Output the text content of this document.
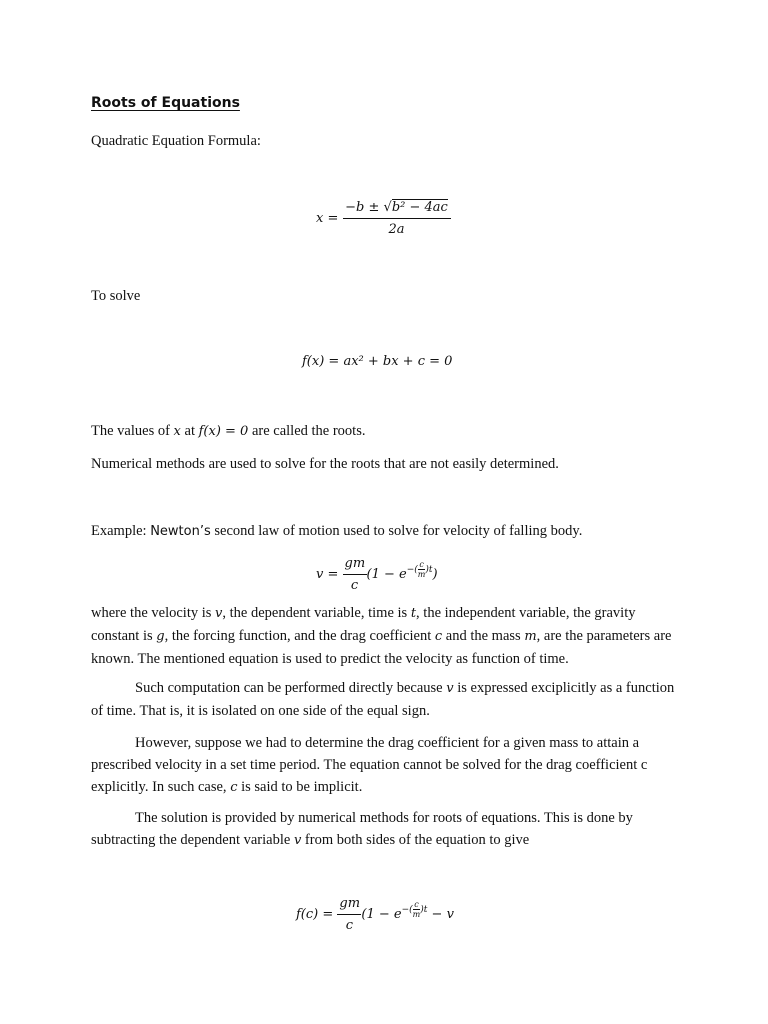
Roots of Equations
Quadratic Equation Formula:
$x = \frac{\text{−b ± √b² − 4ac}}{2a}$
To solve
f(x) = ax² + bx + c = 0
The values of x at f(x) = 0 are called the roots.
Numerical methods are used to solve for the roots that are not easily determined.
Example: Newton’s second law of motion used to solve for velocity of falling body.
$v = \frac{gm}{c} (1 - e^{-( \frac{c}{m} )t})$
where the velocity is v, the dependent variable, time is t, the independent variable, the gravity constant is g, the forcing function, and the drag coefficient c and the mass m, are the parameters are known. The mentioned equation is used to predict the velocity as function of time.
Such computation can be performed directly because v is expressed exciplicitly as a function of time. That is, it is isolated on one side of the equal sign.
However, suppose we had to determine the drag coefficient for a given mass to attain a prescribed velocity in a set time period. The equation cannot be solved for the drag coefficient c explicitly. In such case, c is said to be implicit.
The solution is provided by numerical methods for roots of equations. This is done by subtracting the dependent variable v from both sides of the equation to give
$f(c) = \frac{gm}{c} (1 - e^{-( \frac{c}{m} )t} - v$
